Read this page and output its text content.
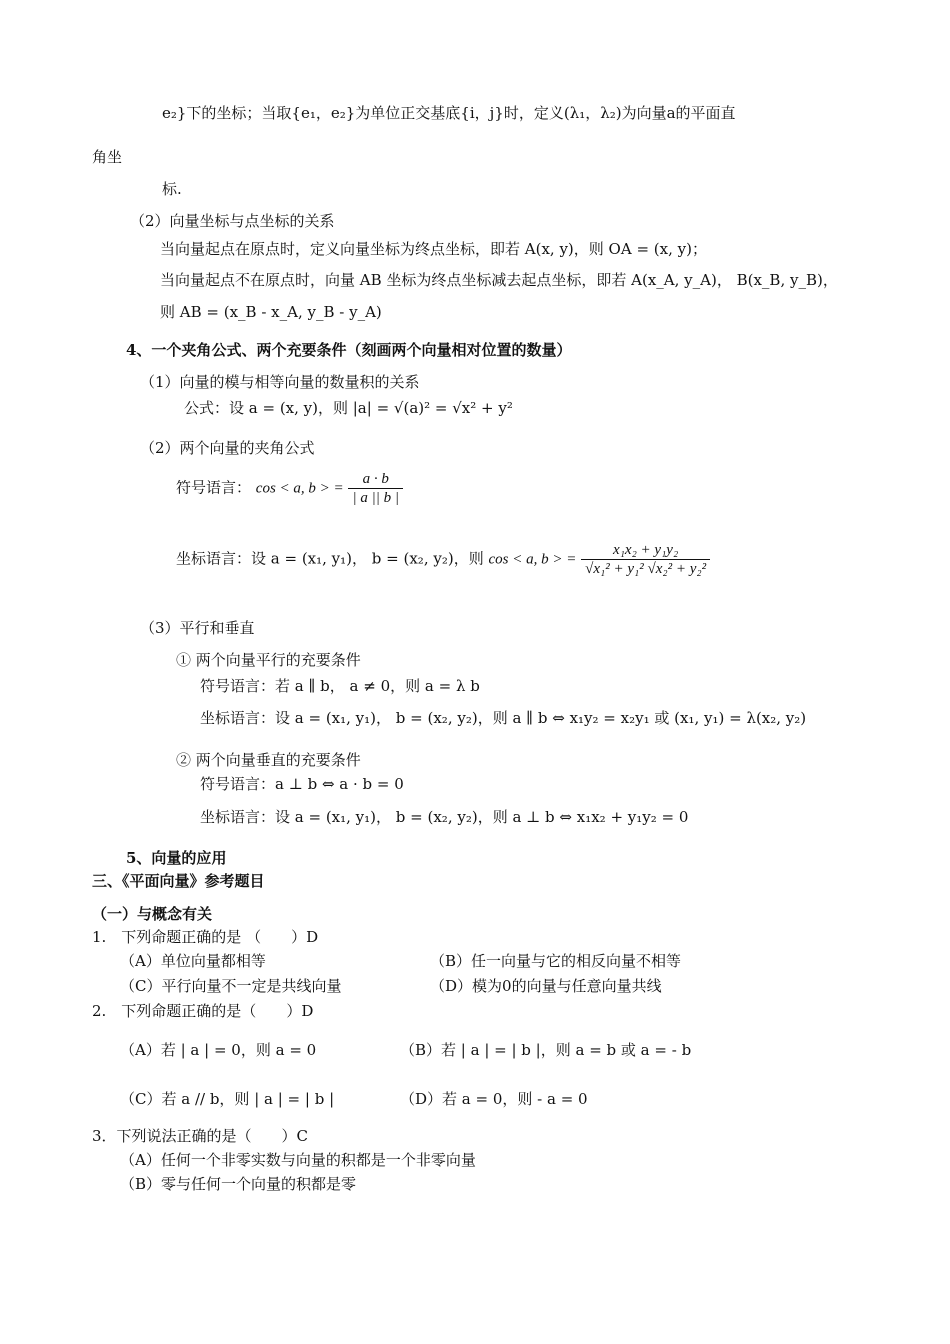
e₂}下的坐标；当取{e₁，e₂}为单位正交基底{i，j}时，定义(λ₁，λ₂)为向量a的平面直
角坐
标.
（2）向量坐标与点坐标的关系
当向量起点在原点时，定义向量坐标为终点坐标，即若 A(x, y)，则 OA = (x, y)；
当向量起点不在原点时，向量 AB 坐标为终点坐标减去起点坐标，即若 A(x_A, y_A)， B(x_B, y_B)，
则 AB = (x_B - x_A, y_B - y_A)
4、一个夹角公式、两个充要条件（刻画两个向量相对位置的数量）
（1）向量的模与相等向量的数量积的关系
公式：设 a = (x, y)，则 |a| = √(a)² = √x² + y²
（2）两个向量的夹角公式
符号语言： cos < a, b > = $\frac{a \cdot b}{| a || b |}$
坐标语言：设 a = (x₁, y₁)， b = (x₂, y₂)，则 cos < a, b > = $\frac{\text{x₁x₂ + y₁y₂}}{\text{√x₁² + y₁² √x₂² + y₂²}}$
（3）平行和垂直
① 两个向量平行的充要条件
符号语言：若 a ∥ b， a ≠ 0，则 a = λ b
坐标语言：设 a = (x₁, y₁)， b = (x₂, y₂)，则 a ∥ b ⇔ x₁y₂ = x₂y₁ 或 (x₁, y₁) = λ(x₂, y₂)
② 两个向量垂直的充要条件
符号语言：a ⊥ b ⇔ a · b = 0
坐标语言：设 a = (x₁, y₁)， b = (x₂, y₂)，则 a ⊥ b ⇔ x₁x₂ + y₁y₂ = 0
5、向量的应用
三、《平面向量》参考题目
（一）与概念有关
1.　下列命题正确的是 （　　）D
（A）单位向量都相等	（B）任一向量与它的相反向量不相等
（C）平行向量不一定是共线向量	（D）模为0的向量与任意向量共线
2.　下列命题正确的是（　　）D
（A）若 | a | = 0，则 a = 0	（B）若 | a | = | b |，则 a = b 或 a = - b
（C）若 a // b，则 | a | = | b |	（D）若 a = 0，则 - a = 0
3．下列说法正确的是（　　）C
（A）任何一个非零实数与向量的积都是一个非零向量
（B）零与任何一个向量的积都是零
